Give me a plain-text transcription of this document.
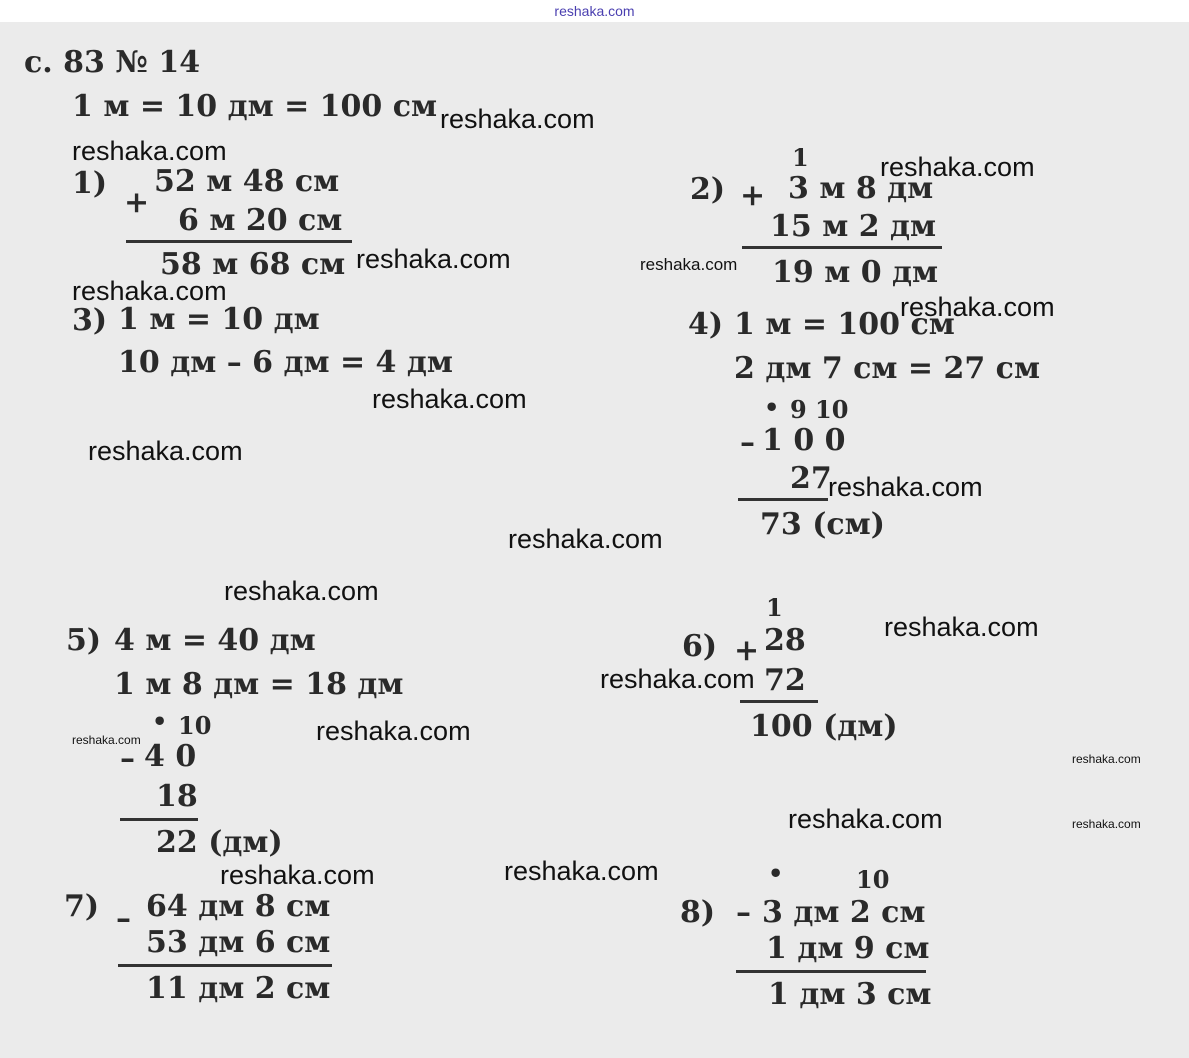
reshaka.com
с. 83 № 14
1 м = 10 дм = 100 см
1)
+
52 м 48 см
6 м 20 см
58 м 68 см
1
2) + 3 м 8 дм
15 м 2 дм
19 м 0 дм
3) 1 м = 10 дм
10 дм – 6 дм = 4 дм
4) 1 м = 100 см
2 дм 7 см = 27 см
• 9 10
– 1 0 0
27
73 (см)
5) 4 м = 40 дм
1 м 8 дм = 18 дм
• 10
– 4 0
18
22 (дм)
1
6) + 28
72
100 (дм)
7) – 64 дм 8 см
53 дм 6 см
11 дм 2 см
•	10
8) – 3 дм 2 см
1 дм 9 см
1 дм 3 см
reshaka.com
reshaka.com
reshaka.com
reshaka.com	reshaka.com
reshaka.com
reshaka.com
reshaka.com
reshaka.com
reshaka.com
reshaka.com
reshaka.com
reshaka.com
reshaka.com
reshaka.com	reshaka.com
reshaka.com
reshaka.com	reshaka.com
reshaka.com
reshaka.com
